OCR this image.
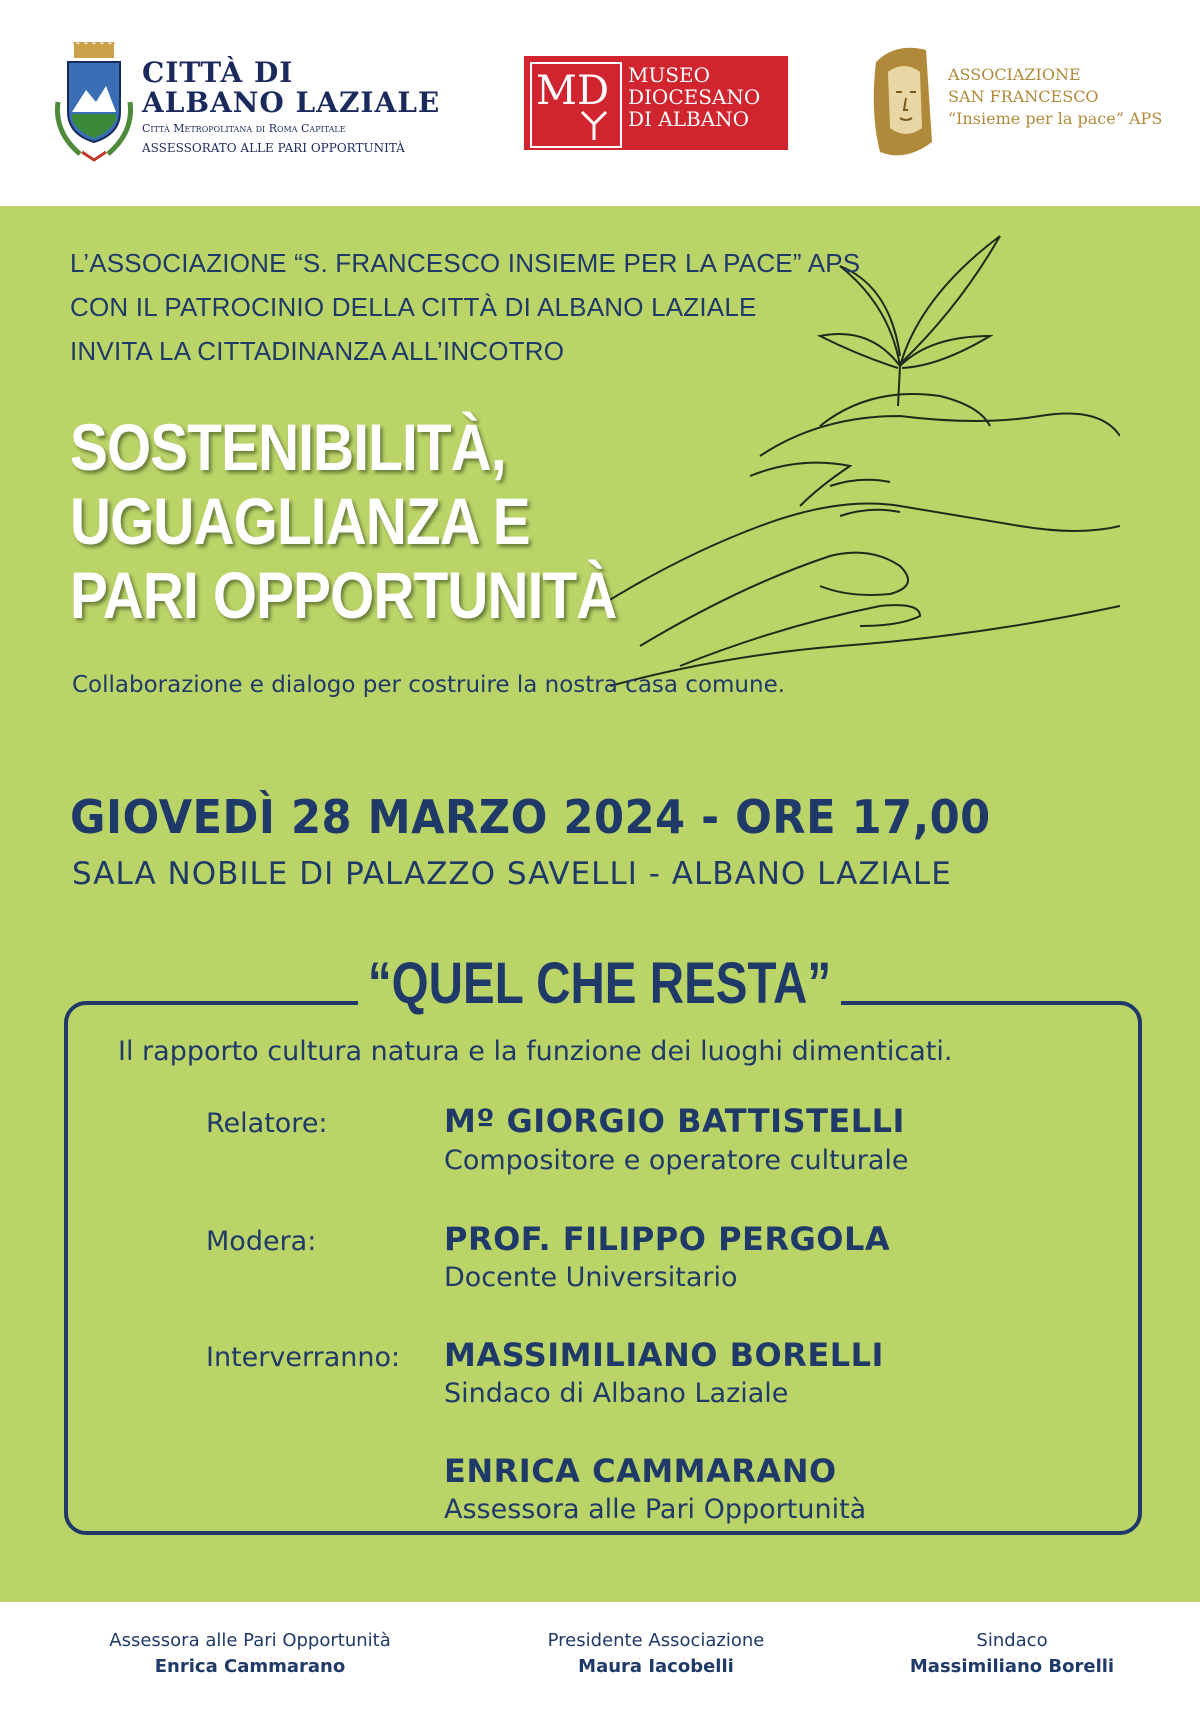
CITTÀ DI
ALBANO LAZIALE
Città Metropolitana di Roma Capitale
ASSESSORATO ALLE PARI OPPORTUNITÀ
MD MUSEO
DIOCESANO
DI ALBANO
ASSOCIAZIONE
SAN FRANCESCO
“Insieme per la pace” APS
L’ASSOCIAZIONE “S. FRANCESCO INSIEME PER LA PACE” APS
CON IL PATROCINIO DELLA CITTÀ DI ALBANO LAZIALE
INVITA LA CITTADINANZA ALL’INCOTRO
SOSTENIBILITÀ,
UGUAGLIANZA E
PARI OPPORTUNITÀ
Collaborazione e dialogo per costruire la nostra casa comune.
GIOVEDÌ 28 MARZO 2024 - ORE 17,00
SALA NOBILE DI PALAZZO SAVELLI - ALBANO LAZIALE
“QUEL CHE RESTA”
Il rapporto cultura natura e la funzione dei luoghi dimenticati.
Relatore:	Mº GIORGIO BATTISTELLI
Compositore e operatore culturale
Modera:	PROF. FILIPPO PERGOLA
Docente Universitario
Interverranno: MASSIMILIANO BORELLI
Sindaco di Albano Laziale
ENRICA CAMMARANO
Assessora alle Pari Opportunità
Assessora alle Pari Opportunità
Enrica Cammarano
Presidente Associazione
Maura Iacobelli
Sindaco
Massimiliano Borelli
